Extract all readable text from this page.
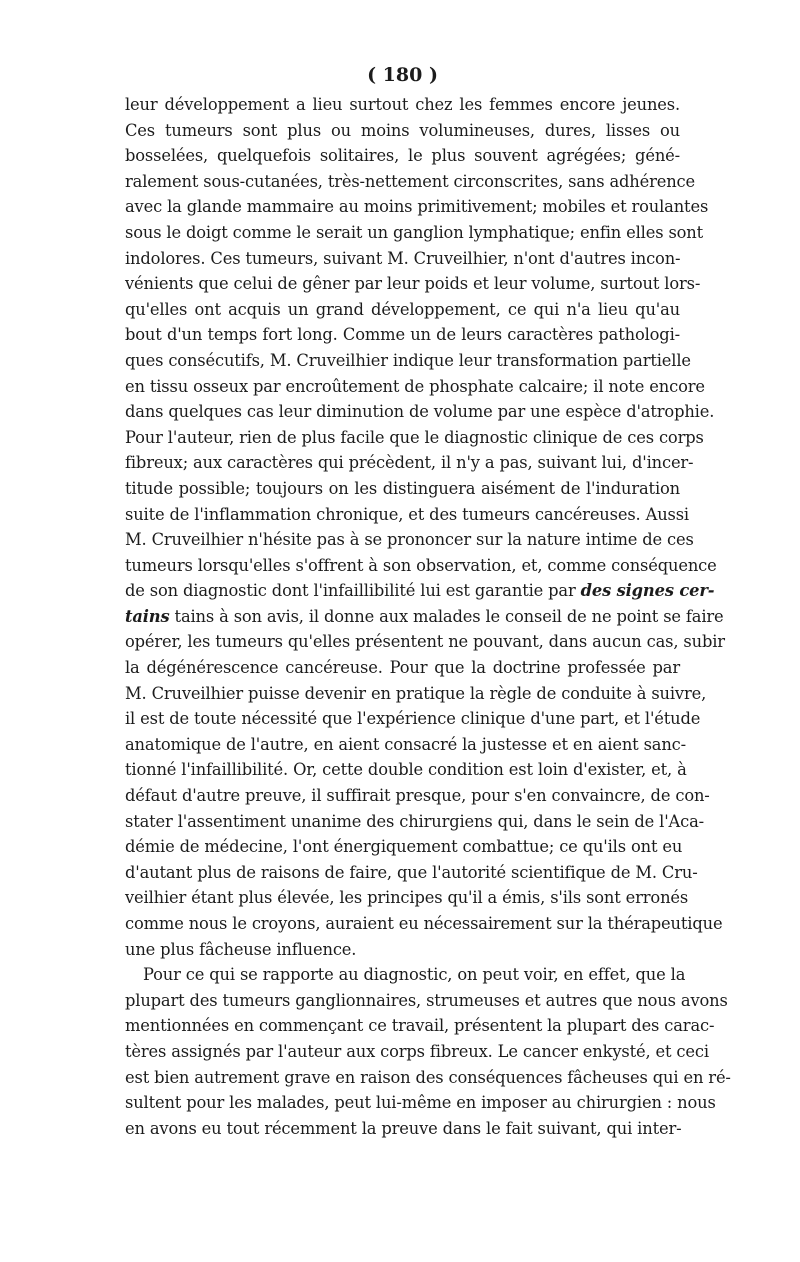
( 180 )
leur développement a lieu surtout chez les femmes encore jeunes.
Ces tumeurs sont plus ou moins volumineuses, dures, lisses ou
bosselées, quelquefois solitaires, le plus souvent agrégées; géné-
ralement sous-cutanées, très-nettement circonscrites, sans adhérence
avec la glande mammaire au moins primitivement; mobiles et roulantes
sous le doigt comme le serait un ganglion lymphatique; enfin elles sont
indolores. Ces tumeurs, suivant M. Cruveilhier, n'ont d'autres incon-
vénients que celui de gêner par leur poids et leur volume, surtout lors-
qu'elles ont acquis un grand développement, ce qui n'a lieu qu'au
bout d'un temps fort long. Comme un de leurs caractères pathologi-
ques consécutifs, M. Cruveilhier indique leur transformation partielle
en tissu osseux par encroûtement de phosphate calcaire; il note encore
dans quelques cas leur diminution de volume par une espèce d'atrophie.
Pour l'auteur, rien de plus facile que le diagnostic clinique de ces corps
fibreux; aux caractères qui précèdent, il n'y a pas, suivant lui, d'incer-
titude possible; toujours on les distinguera aisément de l'induration
suite de l'inflammation chronique, et des tumeurs cancéreuses. Aussi
M. Cruveilhier n'hésite pas à se prononcer sur la nature intime de ces
tumeurs lorsqu'elles s'offrent à son observation, et, comme conséquence
de son diagnostic dont l'infaillibilité lui est garantie par des signes cer-
tains tains à son avis, il donne aux malades le conseil de ne point se faire
opérer, les tumeurs qu'elles présentent ne pouvant, dans aucun cas, subir
la dégénérescence cancéreuse. Pour que la doctrine professée par
M. Cruveilhier puisse devenir en pratique la règle de conduite à suivre,
il est de toute nécessité que l'expérience clinique d'une part, et l'étude
anatomique de l'autre, en aient consacré la justesse et en aient sanc-
tionné l'infaillibilité. Or, cette double condition est loin d'exister, et, à
défaut d'autre preuve, il suffirait presque, pour s'en convaincre, de con-
stater l'assentiment unanime des chirurgiens qui, dans le sein de l'Aca-
démie de médecine, l'ont énergiquement combattue; ce qu'ils ont eu
d'autant plus de raisons de faire, que l'autorité scientifique de M. Cru-
veilhier étant plus élevée, les principes qu'il a émis, s'ils sont erronés
comme nous le croyons, auraient eu nécessairement sur la thérapeutique
une plus fâcheuse influence.
Pour ce qui se rapporte au diagnostic, on peut voir, en effet, que la
plupart des tumeurs ganglionnaires, strumeuses et autres que nous avons
mentionnées en commençant ce travail, présentent la plupart des carac-
tères assignés par l'auteur aux corps fibreux. Le cancer enkysté, et ceci
est bien autrement grave en raison des conséquences fâcheuses qui en ré-
sultent pour les malades, peut lui-même en imposer au chirurgien : nous
en avons eu tout récemment la preuve dans le fait suivant, qui inter-
